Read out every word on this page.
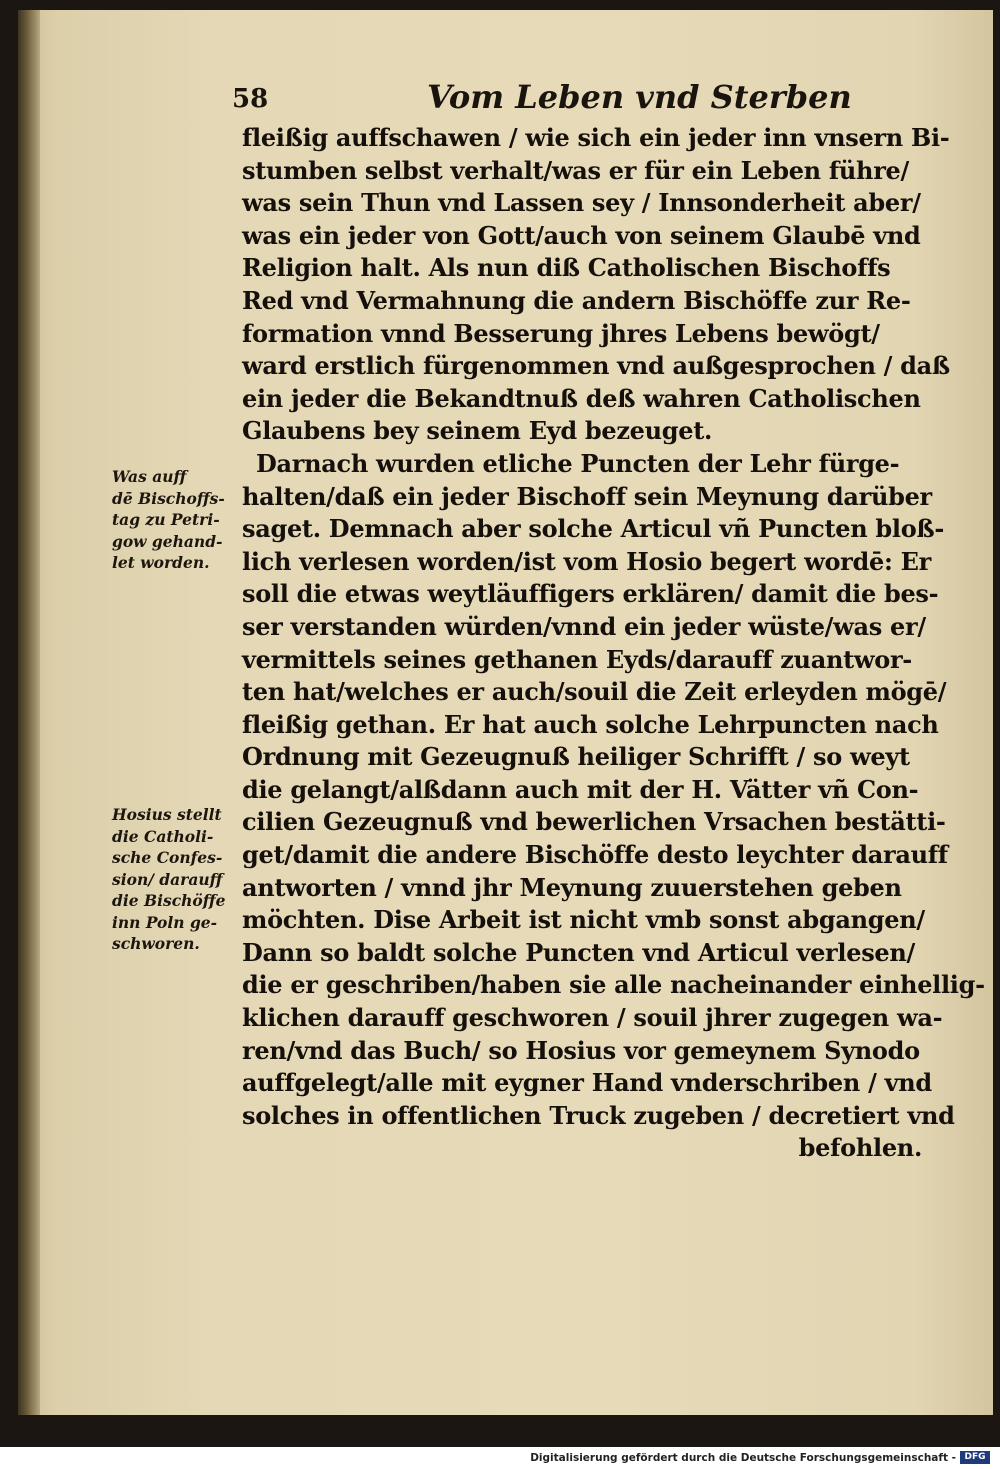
58	Vom Leben vnd Sterben
Was auff
dē Bischoffs-
tag zu Petri-
gow gehand-
let worden.
Hosius stellt
die Catholi-
sche Confes-
sion/ darauff
die Bischöffe
inn Poln ge-
schworen.
fleißig auffschawen / wie sich ein jeder inn vnsern Bi-
stumben selbst verhalt/was er für ein Leben führe/
was sein Thun vnd Lassen sey / Innsonderheit aber/
was ein jeder von Gott/auch von seinem Glaubē vnd
Religion halt. Als nun diß Catholischen Bischoffs
Red vnd Vermahnung die andern Bischöffe zur Re-
formation vnnd Besserung jhres Lebens bewögt/
ward erstlich fürgenommen vnd außgesprochen / daß
ein jeder die Bekandtnuß deß wahren Catholischen
Glaubens bey seinem Eyd bezeuget.
Darnach wurden etliche Puncten der Lehr fürge-
halten/daß ein jeder Bischoff sein Meynung darüber
saget. Demnach aber solche Articul vñ Puncten bloß-
lich verlesen worden/ist vom Hosio begert wordē: Er
soll die etwas weytläuffigers erklären/ damit die bes-
ser verstanden würden/vnnd ein jeder wüste/was er/
vermittels seines gethanen Eyds/darauff zuantwor-
ten hat/welches er auch/souil die Zeit erleyden mögē/
fleißig gethan. Er hat auch solche Lehrpuncten nach
Ordnung mit Gezeugnuß heiliger Schrifft / so weyt
die gelangt/alßdann auch mit der H. Vätter vñ Con-
cilien Gezeugnuß vnd bewerlichen Vrsachen bestätti-
get/damit die andere Bischöffe desto leychter darauff
antworten / vnnd jhr Meynung zuuerstehen geben
möchten. Dise Arbeit ist nicht vmb sonst abgangen/
Dann so baldt solche Puncten vnd Articul verlesen/
die er geschriben/haben sie alle nacheinander einhellig-
klichen darauff geschworen / souil jhrer zugegen wa-
ren/vnd das Buch/ so Hosius vor gemeynem Synodo
auffgelegt/alle mit eygner Hand vnderschriben / vnd
solches in offentlichen Truck zugeben / decretiert vnd
befohlen.
Digitalisierung gefördert durch die Deutsche Forschungsgemeinschaft - DFG
